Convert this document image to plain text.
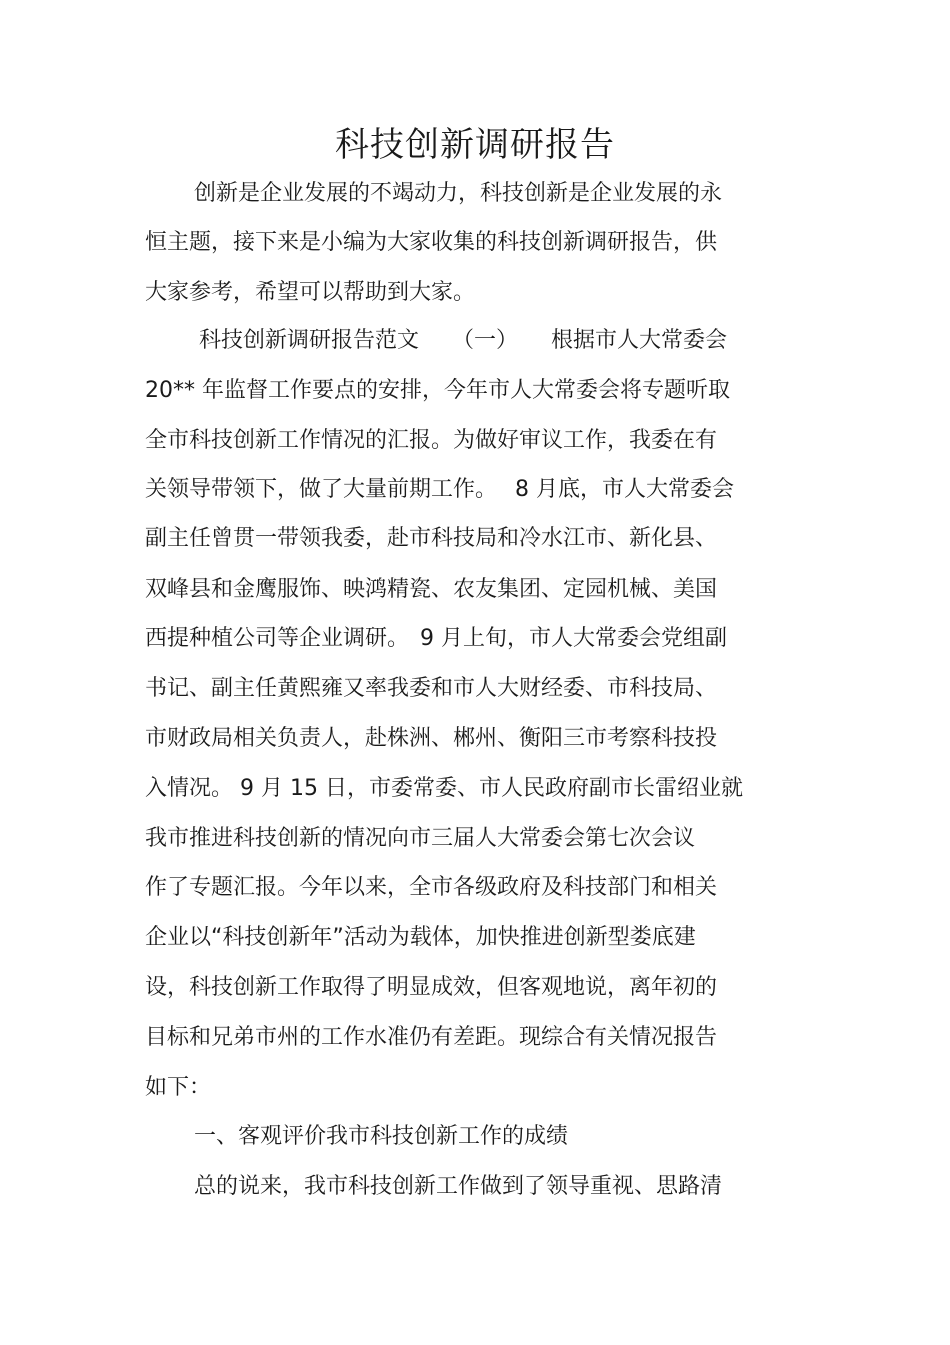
科技创新调研报告
创新是企业发展的不竭动力，科技创新是企业发展的永
恒主题，接下来是小编为大家收集的科技创新调研报告，供
大家参考，希望可以帮助到大家。
科技创新调研报告范文　　（一）　　根据市人大常委会
20** 年监督工作要点的安排，今年市人大常委会将专题听取
全市科技创新工作情况的汇报。为做好审议工作，我委在有
关领导带领下，做了大量前期工作。　 8 月底，市人大常委会
副主任曾贯一带领我委，赴市科技局和冷水江市、新化县、
双峰县和金鹰服饰、映鸿精瓷、农友集团、定园机械、美国
西提种植公司等企业调研。　9 月上旬，市人大常委会党组副
书记、副主任黄熙雍又率我委和市人大财经委、市科技局、
市财政局相关负责人，赴株洲、郴州、衡阳三市考察科技投
入情况。 9 月 15 日，市委常委、市人民政府副市长雷绍业就
我市推进科技创新的情况向市三届人大常委会第七次会议
作了专题汇报。今年以来，全市各级政府及科技部门和相关
企业以“科技创新年”活动为载体，加快推进创新型娄底建
设，科技创新工作取得了明显成效，但客观地说，离年初的
目标和兄弟市州的工作水准仍有差距。现综合有关情况报告
如下：
一、客观评价我市科技创新工作的成绩
总的说来，我市科技创新工作做到了领导重视、思路清
